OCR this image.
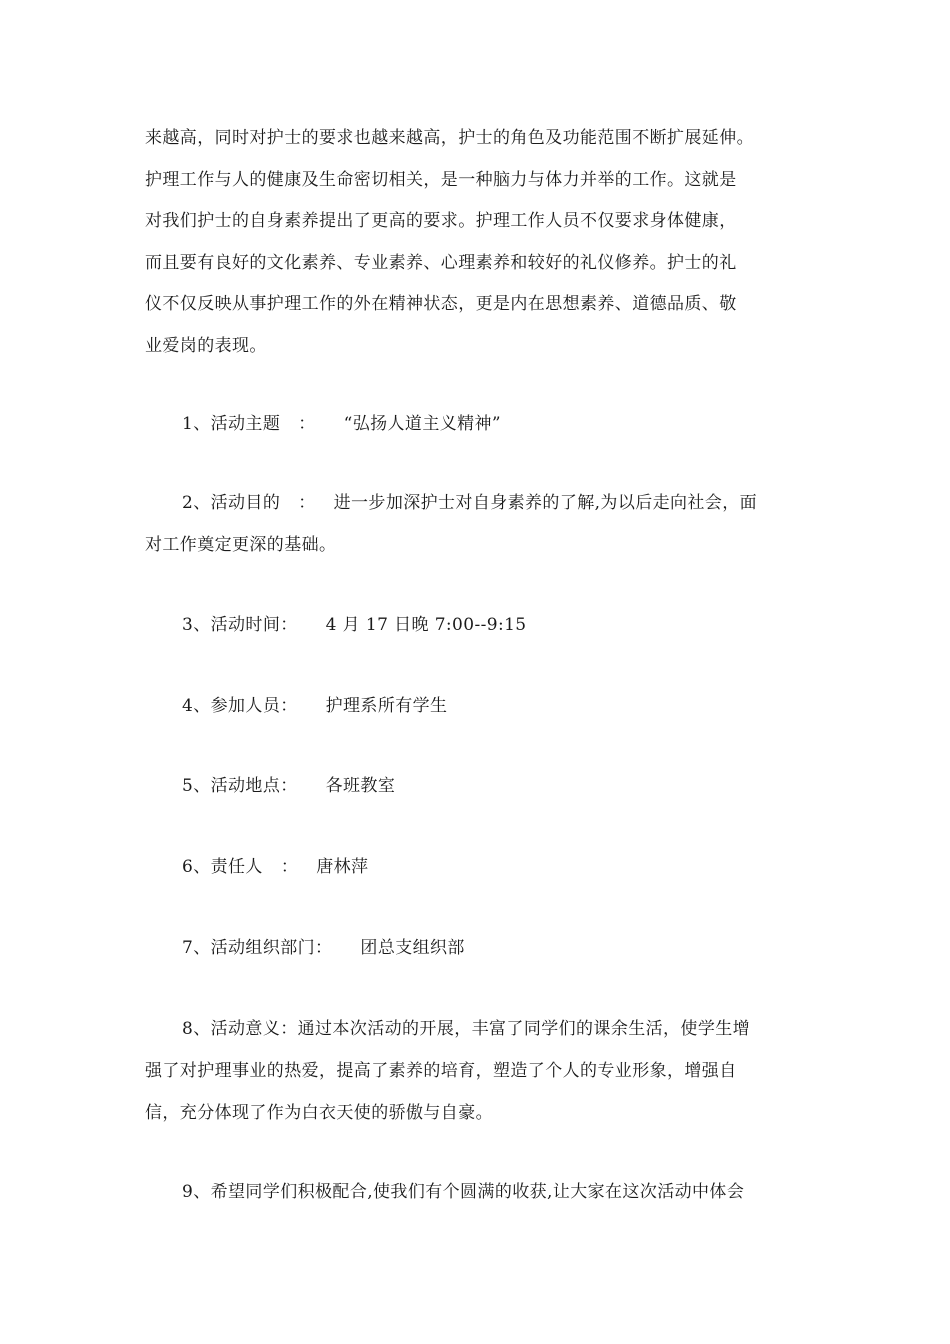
来越高，同时对护士的要求也越来越高，护士的角色及功能范围不断扩展延伸。
护理工作与人的健康及生命密切相关，是一种脑力与体力并举的工作。这就是
对我们护士的自身素养提出了更高的要求。护理工作人员不仅要求身体健康，
而且要有良好的文化素养、专业素养、心理素养和较好的礼仪修养。护士的礼
仪不仅反映从事护理工作的外在精神状态，更是内在思想素养、道德品质、敬
业爱岗的表现。
1、活动主题 ： “弘扬人道主义精神”
2、活动目的 ： 进一步加深护士对自身素养的了解,为以后走向社会，面
对工作奠定更深的基础。
3、活动时间： 4 月 17 日晚 7:00--9:15
4、参加人员： 护理系所有学生
5、活动地点： 各班教室
6、责任人 ： 唐林萍
7、活动组织部门： 团总支组织部
8、活动意义：通过本次活动的开展，丰富了同学们的课余生活，使学生增
强了对护理事业的热爱，提高了素养的培育，塑造了个人的专业形象，增强自
信，充分体现了作为白衣天使的骄傲与自豪。
9、希望同学们积极配合,使我们有个圆满的收获,让大家在这次活动中体会
